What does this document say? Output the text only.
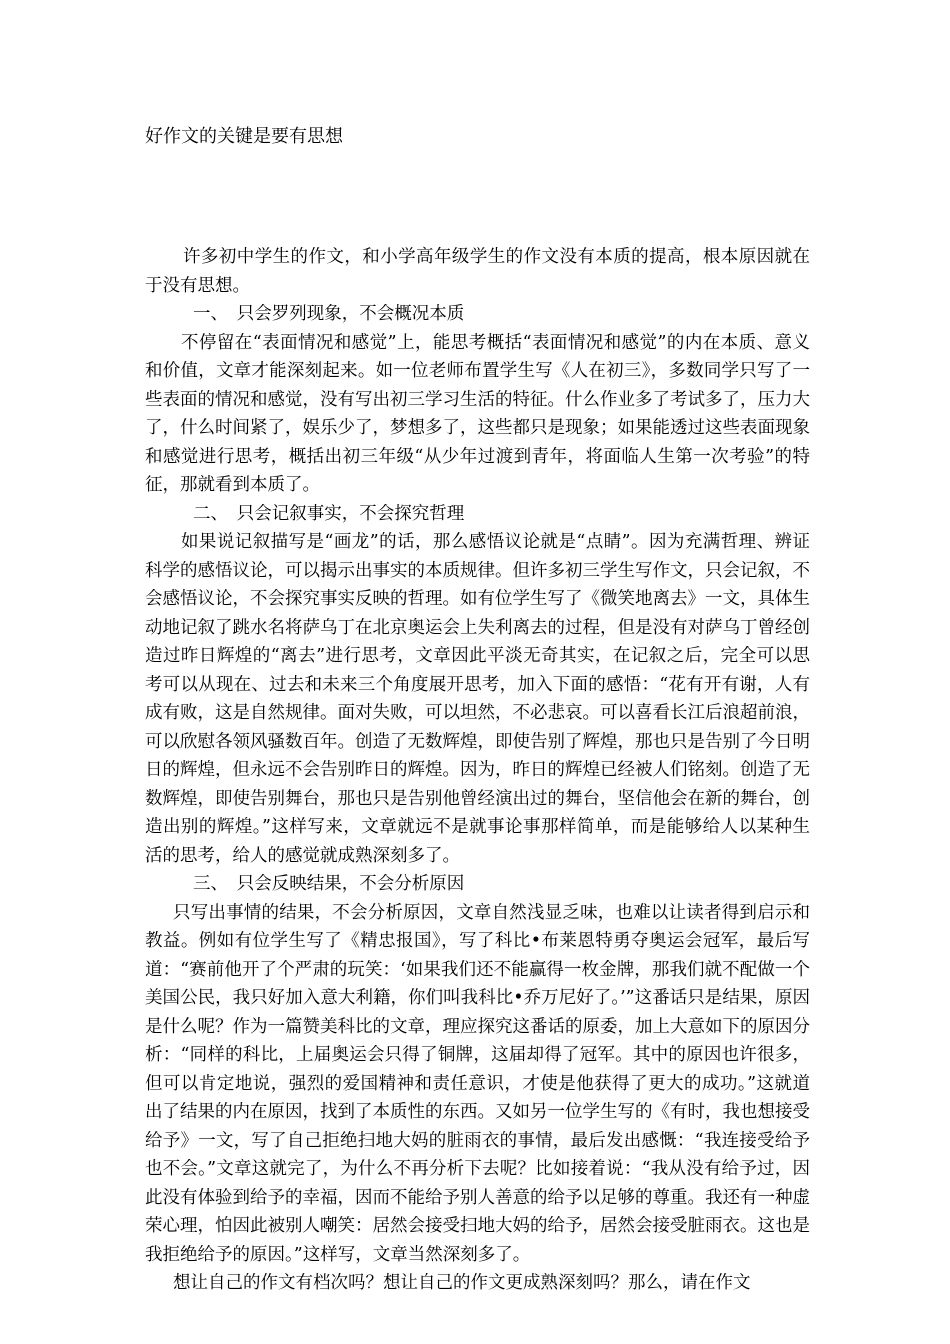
好作文的关键是要有思想

许多初中学生的作文，和小学高年级学生的作文没有本质的提高，根本原因就在于没有思想。

一、　只会罗列现象，不会概况本质

不停留在“表面情况和感觉”上，能思考概括“表面情况和感觉”的内在本质、意义和价值，文章才能深刻起来。如一位老师布置学生写《人在初三》，多数同学只写了一些表面的情况和感觉，没有写出初三学习生活的特征。什么作业多了考试多了，压力大了，什么时间紧了，娱乐少了，梦想多了，这些都只是现象；如果能透过这些表面现象和感觉进行思考，概括出初三年级“从少年过渡到青年，将面临人生第一次考验”的特征，那就看到本质了。

二、　只会记叙事实，不会探究哲理

如果说记叙描写是“画龙”的话，那么感悟议论就是“点睛”。因为充满哲理、辨证科学的感悟议论，可以揭示出事实的本质规律。但许多初三学生写作文，只会记叙，不会感悟议论，不会探究事实反映的哲理。如有位学生写了《微笑地离去》一文，具体生动地记叙了跳水名将萨乌丁在北京奥运会上失利离去的过程，但是没有对萨乌丁曾经创造过昨日辉煌的“离去”进行思考，文章因此平淡无奇其实，在记叙之后，完全可以思考可以从现在、过去和未来三个角度展开思考，加入下面的感悟：“花有开有谢，人有成有败，这是自然规律。面对失败，可以坦然，不必悲哀。可以喜看长江后浪超前浪，可以欣慰各领风骚数百年。创造了无数辉煌，即使告别了辉煌，那也只是告别了今日明日的辉煌，但永远不会告别昨日的辉煌。因为，昨日的辉煌已经被人们铭刻。创造了无数辉煌，即使告别舞台，那也只是告别他曾经演出过的舞台，坚信他会在新的舞台，创造出别的辉煌。”这样写来，文章就远不是就事论事那样简单，而是能够给人以某种生活的思考，给人的感觉就成熟深刻多了。

三、　只会反映结果，不会分析原因

只写出事情的结果，不会分析原因，文章自然浅显乏味，也难以让读者得到启示和教益。例如有位学生写了《精忠报国》，写了科比•布莱恩特勇夺奥运会冠军，最后写道：“赛前他开了个严肃的玩笑：‘如果我们还不能赢得一枚金牌，那我们就不配做一个美国公民，我只好加入意大利籍，你们叫我科比•乔万尼好了。’”这番话只是结果，原因是什么呢？作为一篇赞美科比的文章，理应探究这番话的原委，加上大意如下的原因分析：“同样的科比，上届奥运会只得了铜牌，这届却得了冠军。其中的原因也许很多，但可以肯定地说，强烈的爱国精神和责任意识，才使是他获得了更大的成功。”这就道出了结果的内在原因，找到了本质性的东西。又如另一位学生写的《有时，我也想接受给予》一文，写了自己拒绝扫地大妈的脏雨衣的事情，最后发出感慨：“我连接受给予也不会。”文章这就完了，为什么不再分析下去呢？比如接着说：“我从没有给予过，因此没有体验到给予的幸福，因而不能给予别人善意的给予以足够的尊重。我还有一种虚荣心理，怕因此被别人嘲笑：居然会接受扫地大妈的给予，居然会接受脏雨衣。这也是我拒绝给予的原因。”这样写，文章当然深刻多了。

想让自己的作文有档次吗？想让自己的作文更成熟深刻吗？那么，请在作文
